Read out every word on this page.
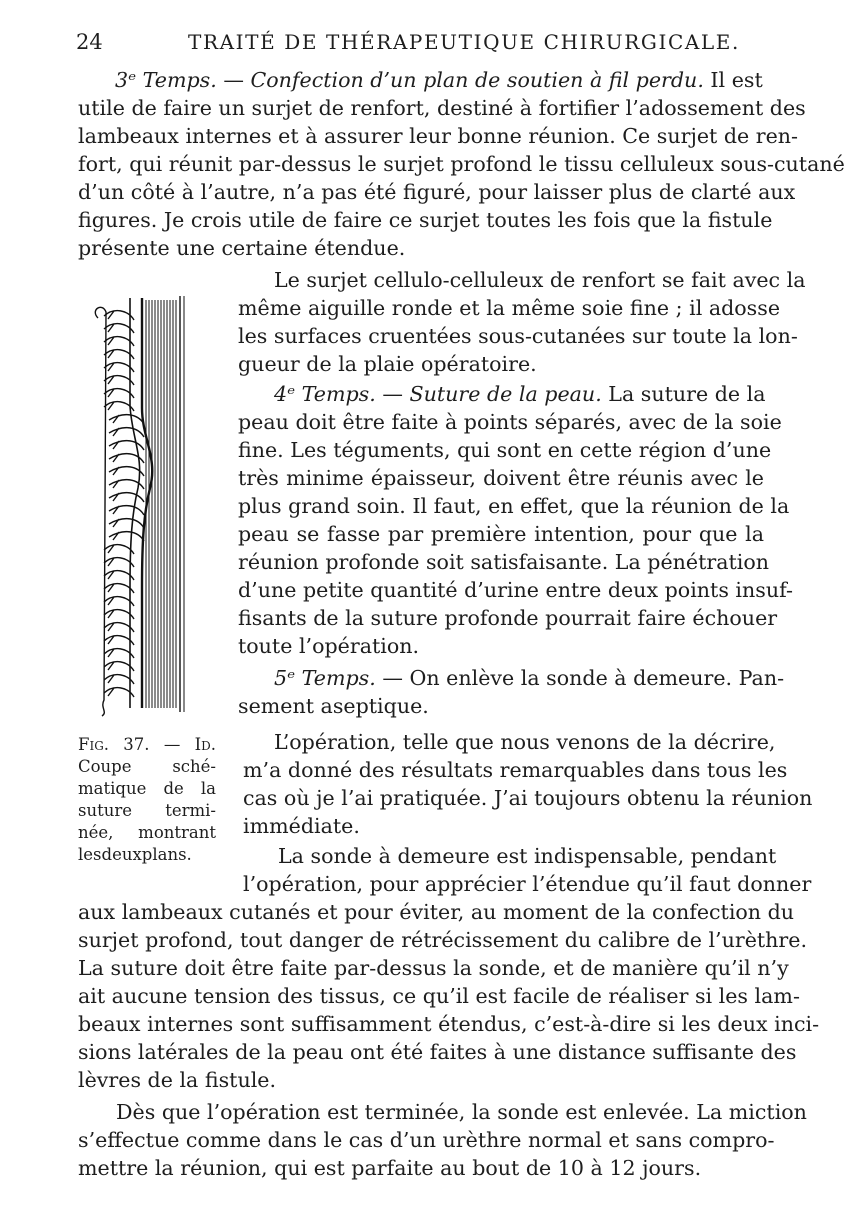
24	TRAITÉ DE THÉRAPEUTIQUE CHIRURGICALE.
3ᵉ Temps. — Confection d’un plan de soutien à fil perdu. Il est
utile de faire un surjet de renfort, destiné à fortifier l’adossement des
lambeaux internes et à assurer leur bonne réunion. Ce surjet de ren-
fort, qui réunit par-dessus le surjet profond le tissu celluleux sous-cutané
d’un côté à l’autre, n’a pas été figuré, pour laisser plus de clarté aux
figures. Je crois utile de faire ce surjet toutes les fois que la fistule
présente une certaine étendue.
Le surjet cellulo-celluleux de renfort se fait avec la
même aiguille ronde et la même soie fine ; il adosse
les surfaces cruentées sous-cutanées sur toute la lon-
gueur de la plaie opératoire.
4ᵉ Temps. — Suture de la peau. La suture de la
peau doit être faite à points séparés, avec de la soie
fine. Les téguments, qui sont en cette région d’une
très minime épaisseur, doivent être réunis avec le
plus grand soin. Il faut, en effet, que la réunion de la
peau se fasse par première intention, pour que la
réunion profonde soit satisfaisante. La pénétration
d’une petite quantité d’urine entre deux points insuf-
fisants de la suture profonde pourrait faire échouer
toute l’opération.
5ᵉ Temps. — On enlève la sonde à demeure. Pan-
sement aseptique.
Fig. 37. — Id.
Coupe sché-
matique de la
suture termi-
née, montrant
lesdeuxplans.
L’opération, telle que nous venons de la décrire,
m’a donné des résultats remarquables dans tous les
cas où je l’ai pratiquée. J’ai toujours obtenu la réunion
immédiate.
La sonde à demeure est indispensable, pendant
l’opération, pour apprécier l’étendue qu’il faut donner
aux lambeaux cutanés et pour éviter, au moment de la confection du
surjet profond, tout danger de rétrécissement du calibre de l’urèthre.
La suture doit être faite par-dessus la sonde, et de manière qu’il n’y
ait aucune tension des tissus, ce qu’il est facile de réaliser si les lam-
beaux internes sont suffisamment étendus, c’est-à-dire si les deux inci-
sions latérales de la peau ont été faites à une distance suffisante des
lèvres de la fistule.
Dès que l’opération est terminée, la sonde est enlevée. La miction
s’effectue comme dans le cas d’un urèthre normal et sans compro-
mettre la réunion, qui est parfaite au bout de 10 à 12 jours.
